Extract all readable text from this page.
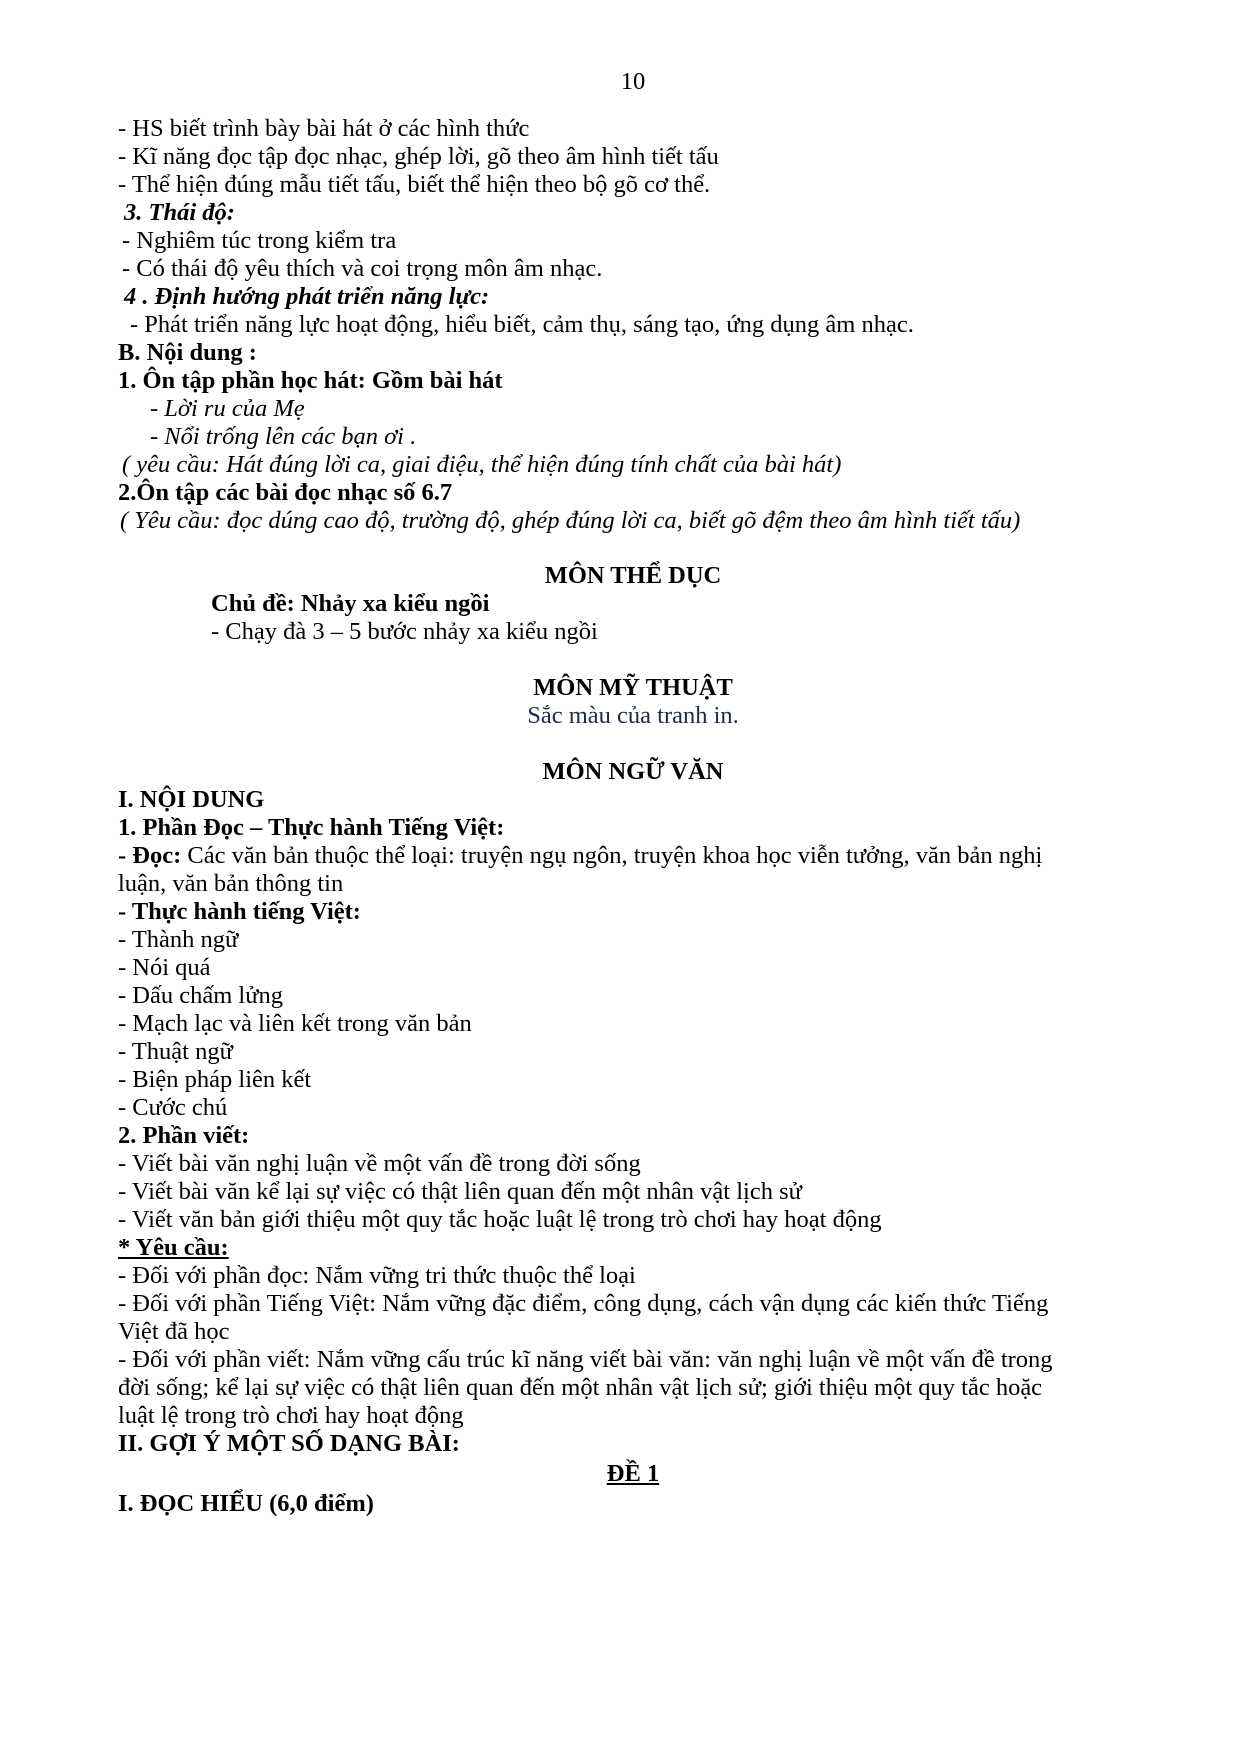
10
- HS biết trình bày bài hát ở các hình thức
- Kĩ năng đọc tập đọc nhạc, ghép lời, gõ theo âm hình tiết tấu
- Thể hiện đúng mẫu tiết tấu, biết thể hiện theo bộ gõ cơ thể.
3. Thái độ:
- Nghiêm túc trong kiểm tra
- Có thái độ yêu thích và coi trọng môn âm nhạc.
4 . Định hướng phát triển năng lực:
- Phát triển năng lực hoạt động, hiểu biết, cảm thụ, sáng tạo, ứng dụng âm nhạc.
B. Nội dung :
1. Ôn tập phần học hát: Gồm bài hát
- Lời ru của Mẹ
- Nổi trống lên các bạn ơi .
( yêu cầu: Hát đúng lời ca, giai điệu, thể hiện đúng tính chất của bài hát)
2.Ôn tập các bài đọc nhạc số 6.7
( Yêu cầu: đọc dúng cao độ, trường độ, ghép đúng lời ca, biết gõ đệm theo âm hình tiết tấu)
MÔN THỂ DỤC
Chủ đề: Nhảy xa kiểu ngồi
- Chạy đà 3 – 5 bước nhảy xa kiểu ngồi
MÔN MỸ THUẬT
Sắc màu của tranh in.
MÔN NGỮ VĂN
I. NỘI DUNG
1. Phần Đọc – Thực hành Tiếng Việt:
- Đọc: Các văn bản thuộc thể loại: truyện ngụ ngôn, truyện khoa học viễn tưởng, văn bản nghị
luận, văn bản thông tin
- Thực hành tiếng Việt:
- Thành ngữ
- Nói quá
- Dấu chấm lửng
- Mạch lạc và liên kết trong văn bản
- Thuật ngữ
- Biện pháp liên kết
- Cước chú
2. Phần viết:
- Viết bài văn nghị luận về một vấn đề trong đời sống
- Viết bài văn kể lại sự việc có thật liên quan đến một nhân vật lịch sử
- Viết văn bản giới thiệu một quy tắc hoặc luật lệ trong trò chơi hay hoạt động
* Yêu cầu:
- Đối với phần đọc: Nắm vững tri thức thuộc thể loại
- Đối với phần Tiếng Việt: Nắm vững đặc điểm, công dụng, cách vận dụng các kiến thức Tiếng
Việt đã học
- Đối với phần viết: Nắm vững cấu trúc kĩ năng viết bài văn: văn nghị luận về một vấn đề trong
đời sống; kể lại sự việc có thật liên quan đến một nhân vật lịch sử; giới thiệu một quy tắc hoặc
luật lệ trong trò chơi hay hoạt động
II. GỢI Ý MỘT SỐ DẠNG BÀI:
ĐỀ 1
I. ĐỌC HIỂU (6,0 điểm)
